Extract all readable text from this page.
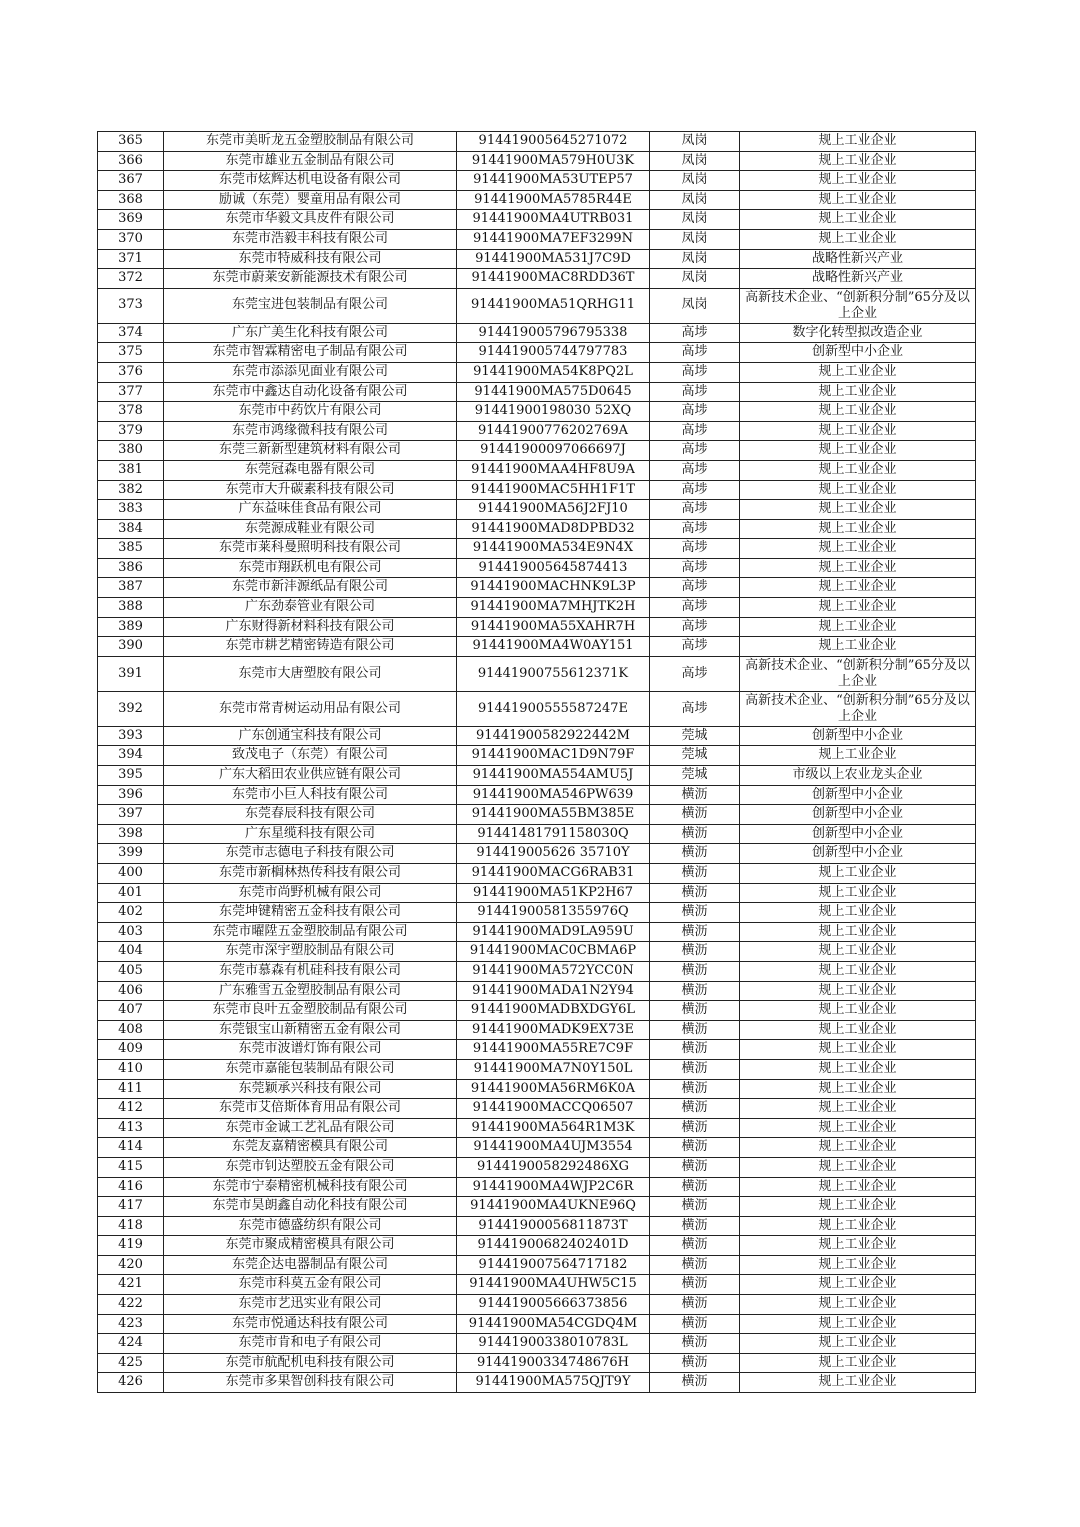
365	东莞市美昕龙五金塑胶制品有限公司	914419005645271072	凤岗	规上工业企业
366	东莞市雄业五金制品有限公司	91441900MA579H0U3K	凤岗	规上工业企业
367	东莞市炫辉达机电设备有限公司	91441900MA53UTEP57	凤岗	规上工业企业
368	励诚（东莞）婴童用品有限公司	91441900MA5785R44E	凤岗	规上工业企业
369	东莞市华毅文具皮件有限公司	91441900MA4UTRB031	凤岗	规上工业企业
370	东莞市浩毅丰科技有限公司	91441900MA7EF3299N	凤岗	规上工业企业
371	东莞市特威科技有限公司	91441900MA531J7C9D	凤岗	战略性新兴产业
372	东莞市蔚莱安新能源技术有限公司	91441900MAC8RDD36T	凤岗	战略性新兴产业
373	东莞宝进包装制品有限公司	91441900MA51QRHG11	凤岗	高新技术企业、“创新积分制”65分及以上企业
374	广东广美生化科技有限公司	914419005796795338	高埗	数字化转型拟改造企业
375	东莞市智霖精密电子制品有限公司	914419005744797783	高埗	创新型中小企业
376	东莞市添添见面业有限公司	91441900MA54K8PQ2L	高埗	规上工业企业
377	东莞市中鑫达自动化设备有限公司	91441900MA575D0645	高埗	规上工业企业
378	东莞市中药饮片有限公司	91441900198030 52XQ	高埗	规上工业企业
379	东莞市鸿缘微科技有限公司	91441900776202769A	高埗	规上工业企业
380	东莞三新新型建筑材料有限公司	91441900097066697J	高埗	规上工业企业
381	东莞冠森电器有限公司	91441900MAA4HF8U9A	高埗	规上工业企业
382	东莞市大升碳素科技有限公司	91441900MAC5HH1F1T	高埗	规上工业企业
383	广东益味佳食品有限公司	91441900MA56J2FJ10	高埗	规上工业企业
384	东莞源成鞋业有限公司	91441900MAD8DPBD32	高埗	规上工业企业
385	东莞市莱科曼照明科技有限公司	91441900MA534E9N4X	高埗	规上工业企业
386	东莞市翔跃机电有限公司	914419005645874413	高埗	规上工业企业
387	东莞市新沣源纸品有限公司	91441900MACHNK9L3P	高埗	规上工业企业
388	广东劲泰管业有限公司	91441900MA7MHJTK2H	高埗	规上工业企业
389	广东财得新材料科技有限公司	91441900MA55XAHR7H	高埗	规上工业企业
390	东莞市耕艺精密铸造有限公司	91441900MA4W0AY151	高埗	规上工业企业
391	东莞市大唐塑胶有限公司	91441900755612371K	高埗	高新技术企业、“创新积分制”65分及以上企业
392	东莞市常青树运动用品有限公司	91441900555587247E	高埗	高新技术企业、“创新积分制”65分及以上企业
393	广东创通宝科技有限公司	91441900582922442M	莞城	创新型中小企业
394	致茂电子（东莞）有限公司	91441900MAC1D9N79F	莞城	规上工业企业
395	广东大稻田农业供应链有限公司	91441900MA554AMU5J	莞城	市级以上农业龙头企业
396	东莞市小巨人科技有限公司	91441900MA546PW639	横沥	创新型中小企业
397	东莞春辰科技有限公司	91441900MA55BM385E	横沥	创新型中小企业
398	广东星缆科技有限公司	91441481791158030Q	横沥	创新型中小企业
399	东莞市志德电子科技有限公司	914419005626 35710Y	横沥	创新型中小企业
400	东莞市新榈林热传科技有限公司	91441900MACG6RAB31	横沥	规上工业企业
401	东莞市尚野机械有限公司	91441900MA51KP2H67	横沥	规上工业企业
402	东莞坤键精密五金科技有限公司	91441900581355976Q	横沥	规上工业企业
403	东莞市曜陞五金塑胶制品有限公司	91441900MAD9LA959U	横沥	规上工业企业
404	东莞市深宇塑胶制品有限公司	91441900MAC0CBMA6P	横沥	规上工业企业
405	东莞市慕森有机硅科技有限公司	91441900MA572YCC0N	横沥	规上工业企业
406	广东雅雪五金塑胶制品有限公司	91441900MADA1N2Y94	横沥	规上工业企业
407	东莞市良叶五金塑胶制品有限公司	91441900MADBXDGY6L	横沥	规上工业企业
408	东莞银宝山新精密五金有限公司	91441900MADK9EX73E	横沥	规上工业企业
409	东莞市波谱灯饰有限公司	91441900MA55RE7C9F	横沥	规上工业企业
410	东莞市嘉能包装制品有限公司	91441900MA7N0Y150L	横沥	规上工业企业
411	东莞颖承兴科技有限公司	91441900MA56RM6K0A	横沥	规上工业企业
412	东莞市艾倍斯体育用品有限公司	91441900MACCQ06507	横沥	规上工业企业
413	东莞市金诚工艺礼品有限公司	91441900MA564R1M3K	横沥	规上工业企业
414	东莞友嘉精密模具有限公司	91441900MA4UJM3554	横沥	规上工业企业
415	东莞市钊达塑胶五金有限公司	9144190058292486XG	横沥	规上工业企业
416	东莞市宁泰精密机械科技有限公司	91441900MA4WJP2C6R	横沥	规上工业企业
417	东莞市昊朗鑫自动化科技有限公司	91441900MA4UKNE96Q	横沥	规上工业企业
418	东莞市德盛纺织有限公司	91441900056811873T	横沥	规上工业企业
419	东莞市聚成精密模具有限公司	91441900682402401D	横沥	规上工业企业
420	东莞企达电器制品有限公司	914419007564717182	横沥	规上工业企业
421	东莞市科莫五金有限公司	91441900MA4UHW5C15	横沥	规上工业企业
422	东莞市艺迅实业有限公司	914419005666373856	横沥	规上工业企业
423	东莞市悦通达科技有限公司	91441900MA54CGDQ4M	横沥	规上工业企业
424	东莞市肯和电子有限公司	91441900338010783L	横沥	规上工业企业
425	东莞市航配机电科技有限公司	91441900334748676H	横沥	规上工业企业
426	东莞市多果智创科技有限公司	91441900MA575QJT9Y	横沥	规上工业企业
